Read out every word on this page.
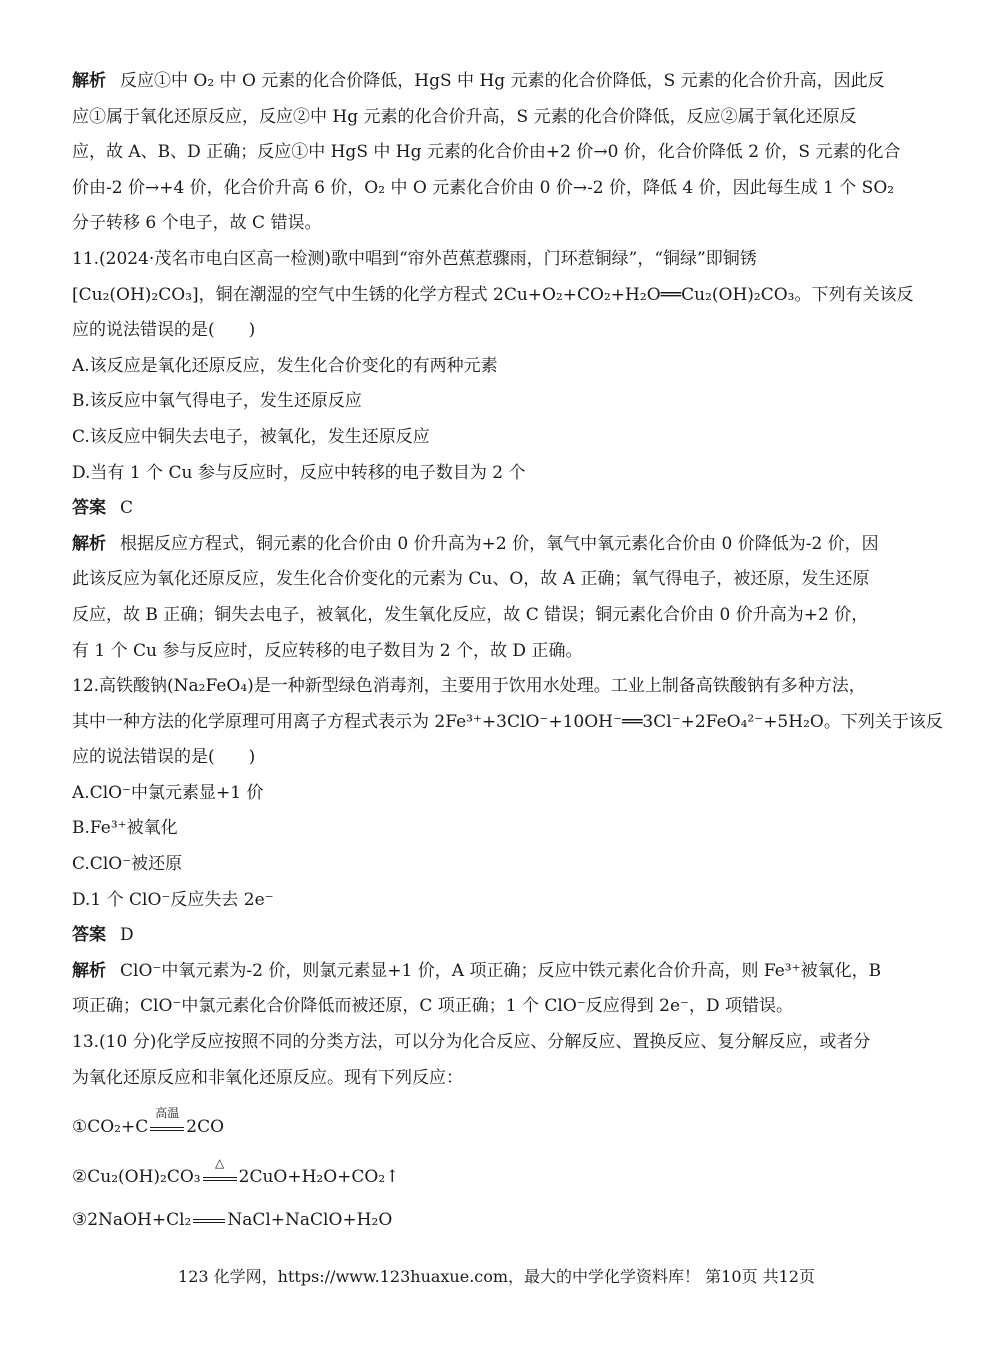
解析 反应①中 O₂ 中 O 元素的化合价降低，HgS 中 Hg 元素的化合价降低，S 元素的化合价升高，因此反
应①属于氧化还原反应，反应②中 Hg 元素的化合价升高，S 元素的化合价降低，反应②属于氧化还原反
应，故 A、B、D 正确；反应①中 HgS 中 Hg 元素的化合价由+2 价→0 价，化合价降低 2 价，S 元素的化合
价由-2 价→+4 价，化合价升高 6 价，O₂ 中 O 元素化合价由 0 价→-2 价，降低 4 价，因此每生成 1 个 SO₂
分子转移 6 个电子，故 C 错误。
11.(2024·茂名市电白区高一检测)歌中唱到“帘外芭蕉惹骤雨，门环惹铜绿”，“铜绿”即铜锈
[Cu₂(OH)₂CO₃]，铜在潮湿的空气中生锈的化学方程式 2Cu+O₂+CO₂+H₂O══Cu₂(OH)₂CO₃。下列有关该反
应的说法错误的是(　　)
A.该反应是氧化还原反应，发生化合价变化的有两种元素
B.该反应中氧气得电子，发生还原反应
C.该反应中铜失去电子，被氧化，发生还原反应
D.当有 1 个 Cu 参与反应时，反应中转移的电子数目为 2 个
答案 C
解析 根据反应方程式，铜元素的化合价由 0 价升高为+2 价，氧气中氧元素化合价由 0 价降低为-2 价，因
此该反应为氧化还原反应，发生化合价变化的元素为 Cu、O，故 A 正确；氧气得电子，被还原，发生还原
反应，故 B 正确；铜失去电子，被氧化，发生氧化反应，故 C 错误；铜元素化合价由 0 价升高为+2 价，
有 1 个 Cu 参与反应时，反应转移的电子数目为 2 个，故 D 正确。
12.高铁酸钠(Na₂FeO₄)是一种新型绿色消毒剂，主要用于饮用水处理。工业上制备高铁酸钠有多种方法，
其中一种方法的化学原理可用离子方程式表示为 2Fe³⁺+3ClO⁻+10OH⁻══3Cl⁻+2FeO₄²⁻+5H₂O。下列关于该反
应的说法错误的是(　　)
A.ClO⁻中氯元素显+1 价
B.Fe³⁺被氧化
C.ClO⁻被还原
D.1 个 ClO⁻反应失去 2e⁻
答案 D
解析 ClO⁻中氧元素为-2 价，则氯元素显+1 价，A 项正确；反应中铁元素化合价升高，则 Fe³⁺被氧化，B
项正确；ClO⁻中氯元素化合价降低而被还原，C 项正确；1 个 ClO⁻反应得到 2e⁻，D 项错误。
13.(10 分)化学反应按照不同的分类方法，可以分为化合反应、分解反应、置换反应、复分解反应，或者分
为氧化还原反应和非氧化还原反应。现有下列反应：
①CO₂+C
高温
2CO
②Cu₂(OH)₂CO₃
△
2CuO+H₂O+CO₂↑
③2NaOH+Cl₂ NaCl+NaClO+H₂O
123 化学网，https://www.123huaxue.com，最大的中学化学资料库！ 第10页 共12页
